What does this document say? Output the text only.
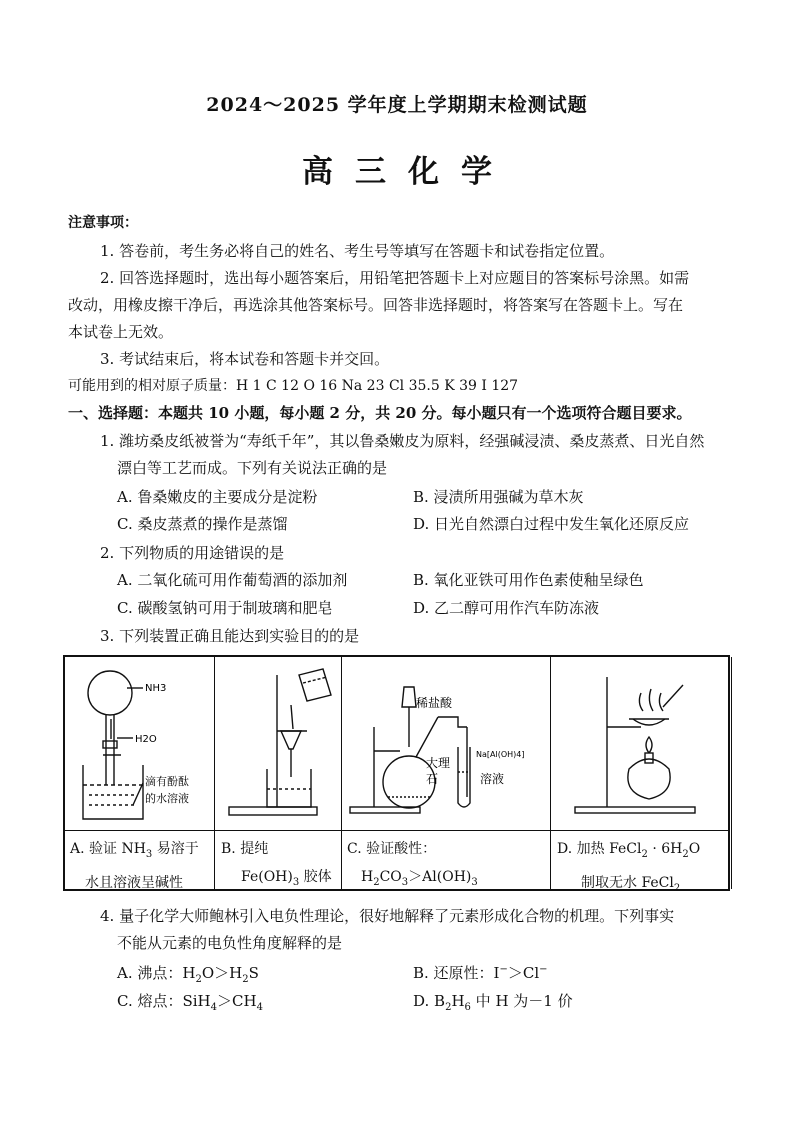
2024～2025 学年度上学期期末检测试题
高三化学
注意事项：
1. 答卷前，考生务必将自己的姓名、考生号等填写在答题卡和试卷指定位置。
2. 回答选择题时，选出每小题答案后，用铅笔把答题卡上对应题目的答案标号涂黑。如需
改动，用橡皮擦干净后，再选涂其他答案标号。回答非选择题时，将答案写在答题卡上。写在
本试卷上无效。
3. 考试结束后，将本试卷和答题卡并交回。
可能用到的相对原子质量：H 1 C 12 O 16 Na 23 Cl 35.5 K 39 I 127
一、选择题：本题共 10 小题，每小题 2 分，共 20 分。每小题只有一个选项符合题目要求。
1. 潍坊桑皮纸被誉为“寿纸千年”，其以鲁桑嫩皮为原料，经强碱浸渍、桑皮蒸煮、日光自然
漂白等工艺而成。下列有关说法正确的是
A. 鲁桑嫩皮的主要成分是淀粉	B. 浸渍所用强碱为草木灰
C. 桑皮蒸煮的操作是蒸馏	D. 日光自然漂白过程中发生氧化还原反应
2. 下列物质的用途错误的是
A. 二氧化硫可用作葡萄酒的添加剂	B. 氧化亚铁可用作色素使釉呈绿色
C. 碳酸氢钠可用于制玻璃和肥皂	D. 乙二醇可用作汽车防冻液
3. 下列装置正确且能达到实验目的的是
NH3
H2O
滴有酚酞
的水溶液
稀盐酸
大理
石
Na[Al(OH)4]
溶液
A. 验证 $NH_3$ 易溶于
水且溶液呈碱性
B. 提纯
$Fe(OH)_3$ 胶体
C. 验证酸性：
$H_2CO_3>Al(OH)_3$
D. 加热 FeCl$_2$ · $6H_2O$
制取无水 FeCl$_2$
4. 量子化学大师鲍林引入电负性理论，很好地解释了元素形成化合物的机理。下列事实
不能从元素的电负性角度解释的是
A. 沸点：$H_2O>H_2S$	B. 还原性：I−＞Cl−
C. 熔点：$SiH_4>CH_4$	D. $B_2H_6$ 中 H 为－1 价
